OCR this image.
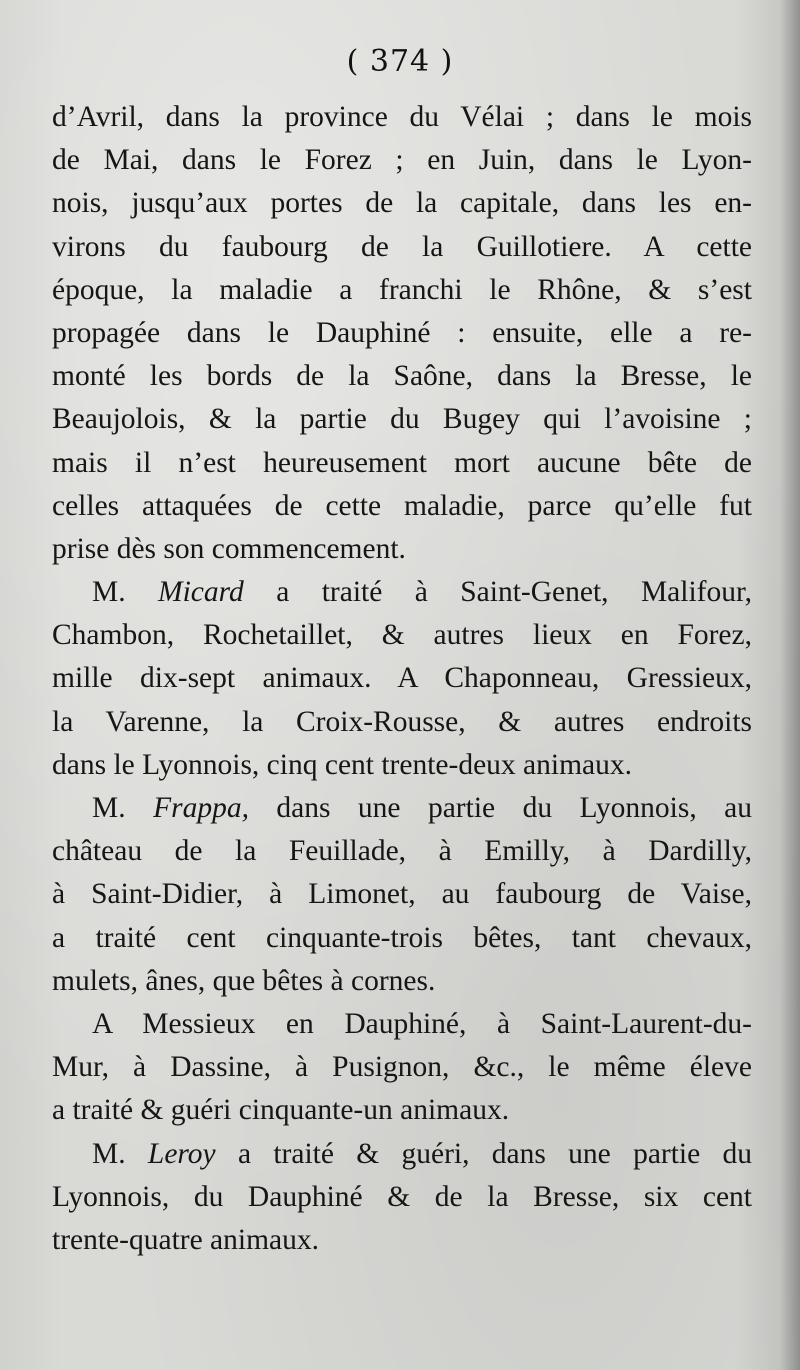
( 374 )
d’Avril, dans la province du Vélai ; dans le mois
de Mai, dans le Forez ; en Juin, dans le Lyon-
nois, jusqu’aux portes de la capitale, dans les en-
virons du faubourg de la Guillotiere. A cette
époque, la maladie a franchi le Rhône, & s’est
propagée dans le Dauphiné : ensuite, elle a re-
monté les bords de la Saône, dans la Bresse, le
Beaujolois, & la partie du Bugey qui l’avoisine ;
mais il n’est heureusement mort aucune bête de
celles attaquées de cette maladie, parce qu’elle fut
prise dès son commencement.
M. Micard a traité à Saint-Genet, Malifour,
Chambon, Rochetaillet, & autres lieux en Forez,
mille dix-sept animaux. A Chaponneau, Gressieux,
la Varenne, la Croix-Rousse, & autres endroits
dans le Lyonnois, cinq cent trente-deux animaux.
M. Frappa, dans une partie du Lyonnois, au
château de la Feuillade, à Emilly, à Dardilly,
à Saint-Didier, à Limonet, au faubourg de Vaise,
a traité cent cinquante-trois bêtes, tant chevaux,
mulets, ânes, que bêtes à cornes.
A Messieux en Dauphiné, à Saint-Laurent-du-
Mur, à Dassine, à Pusignon, &c., le même éleve
a traité & guéri cinquante-un animaux.
M. Leroy a traité & guéri, dans une partie du
Lyonnois, du Dauphiné & de la Bresse, six cent
trente-quatre animaux.
